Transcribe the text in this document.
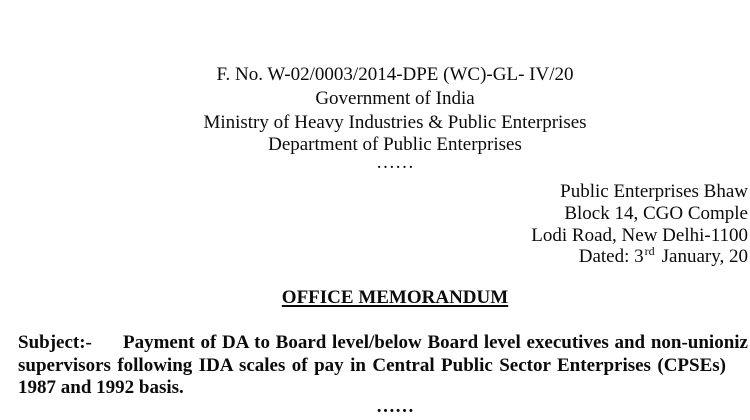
F. No. W-02/0003/2014-DPE (WC)-GL- IV/20
Government of India
Ministry of Heavy Industries & Public Enterprises
Department of Public Enterprises
……
Public Enterprises Bhaw
Block 14, CGO Comple
Lodi Road, New Delhi-1100
Dated: 3rd January, 20
OFFICE MEMORANDUM
Subject:- Payment of DA to Board level/below Board level executives and non-unioniz
supervisors following IDA scales of pay in Central Public Sector Enterprises (CPSEs)
1987 and 1992 basis.
……
